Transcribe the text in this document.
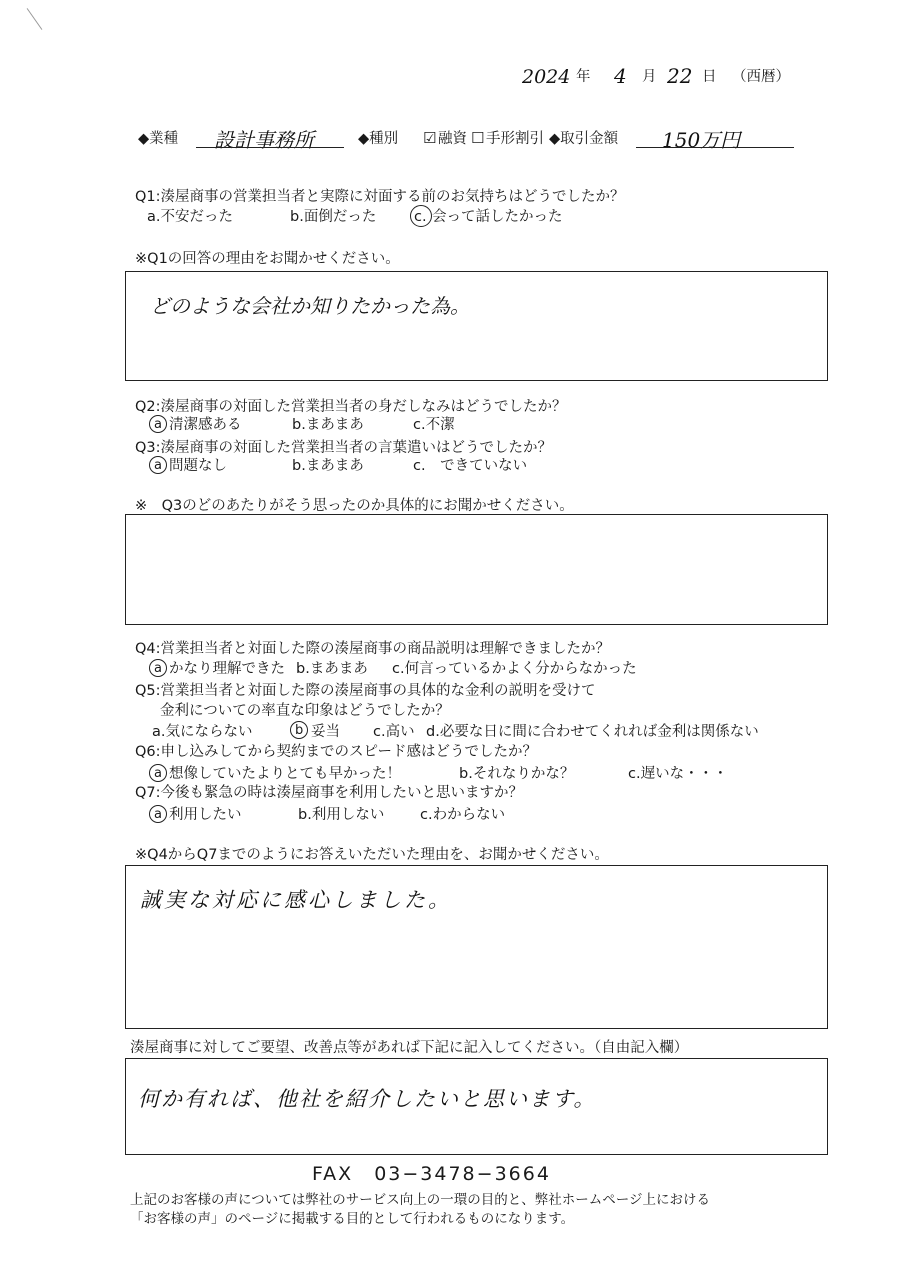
2024 年 4 月 22 日 （西暦）
◆業種 設計事務所	◆種別 ☑ 融資 ☐ 手形割引 ◆取引金額 150万円
Q1:湊屋商事の営業担当者と実際に対面する前のお気持ちはどうでしたか？
a.不安だった	b.面倒だった	c. 会って話したかった
※Q1の回答の理由をお聞かせください。
どのような会社か知りたかった為。
Q2:湊屋商事の対面した営業担当者の身だしなみはどうでしたか？
a 清潔感ある	b.まあまあ	c.不潔
Q3:湊屋商事の対面した営業担当者の言葉遣いはどうでしたか？
a 問題なし	b.まあまあ	c.　できていない
※　Q3のどのあたりがそう思ったのか具体的にお聞かせください。
Q4:営業担当者と対面した際の湊屋商事の商品説明は理解できましたか？
a かなり理解できた b.まあまあ c.何言っているかよく分からなかった
Q5:営業担当者と対面した際の湊屋商事の具体的な金利の説明を受けて
金利についての率直な印象はどうでしたか？
a.気にならない	b 妥当 c.高い d.必要な日に間に合わせてくれれば金利は関係ない
Q6:申し込みしてから契約までのスピード感はどうでしたか？
a 想像していたよりとても早かった！	b.それなりかな？	c.遅いな・・・
Q7:今後も緊急の時は湊屋商事を利用したいと思いますか？
a 利用したい	b.利用しない c.わからない
※Q4からQ7までのようにお答えいただいた理由を、お聞かせください。
誠実な対応に感心しました。
湊屋商事に対してご要望、改善点等があれば下記に記入してください。（自由記入欄）
何か有れば、他社を紹介したいと思います。
FAX　03−3478−3664
上記のお客様の声については弊社のサービス向上の一環の目的と、弊社ホームページ上における
「お客様の声」のページに掲載する目的として行われるものになります。
